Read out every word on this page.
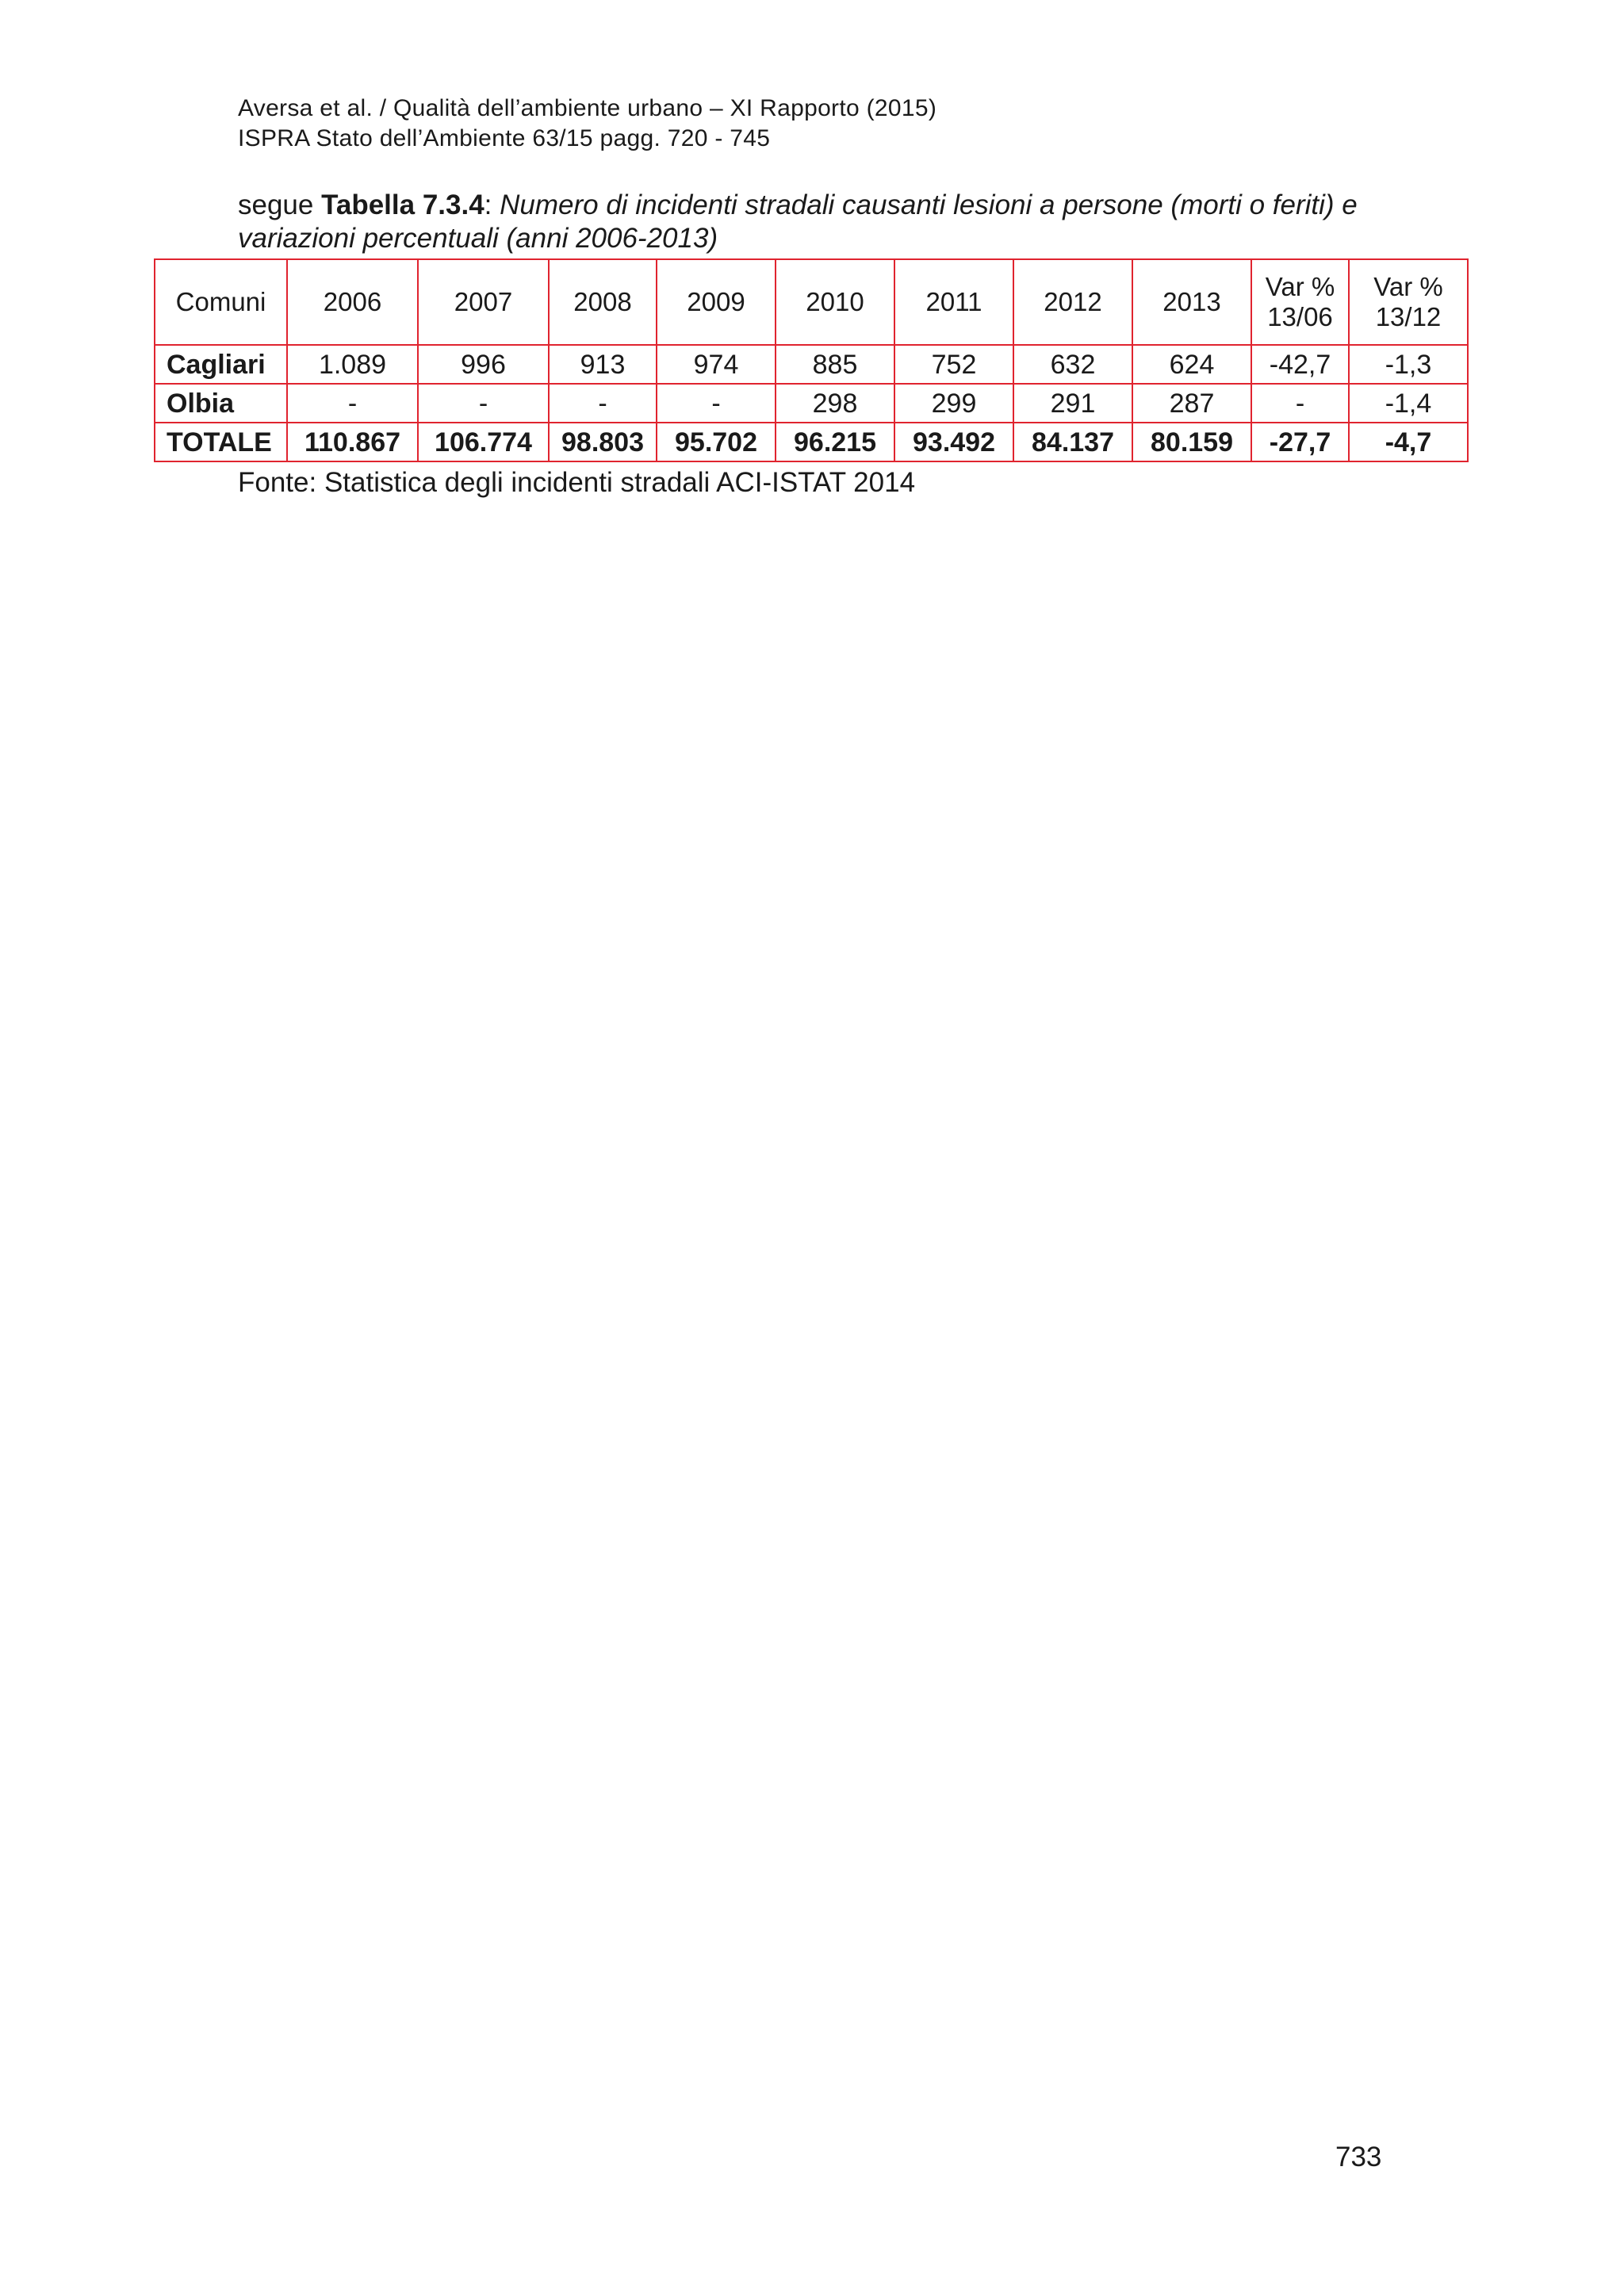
Aversa et al. / Qualità dell’ambiente urbano – XI Rapporto (2015)
ISPRA Stato dell’Ambiente 63/15 pagg. 720 - 745
segue Tabella 7.3.4: Numero di incidenti stradali causanti lesioni a persone (morti o feriti) e variazioni percentuali (anni 2006-2013)
Comuni	2006	2007	2008	2009	2010	2011	2012	2013	Var % 13/06	Var % 13/12
Cagliari	1.089	996	913	974	885	752	632	624	-42,7	-1,3
Olbia	-	-	-	-	298	299	291	287	-	-1,4
TOTALE	110.867	106.774	98.803	95.702	96.215	93.492	84.137	80.159	-27,7	-4,7
Fonte: Statistica degli incidenti stradali ACI-ISTAT 2014
733
